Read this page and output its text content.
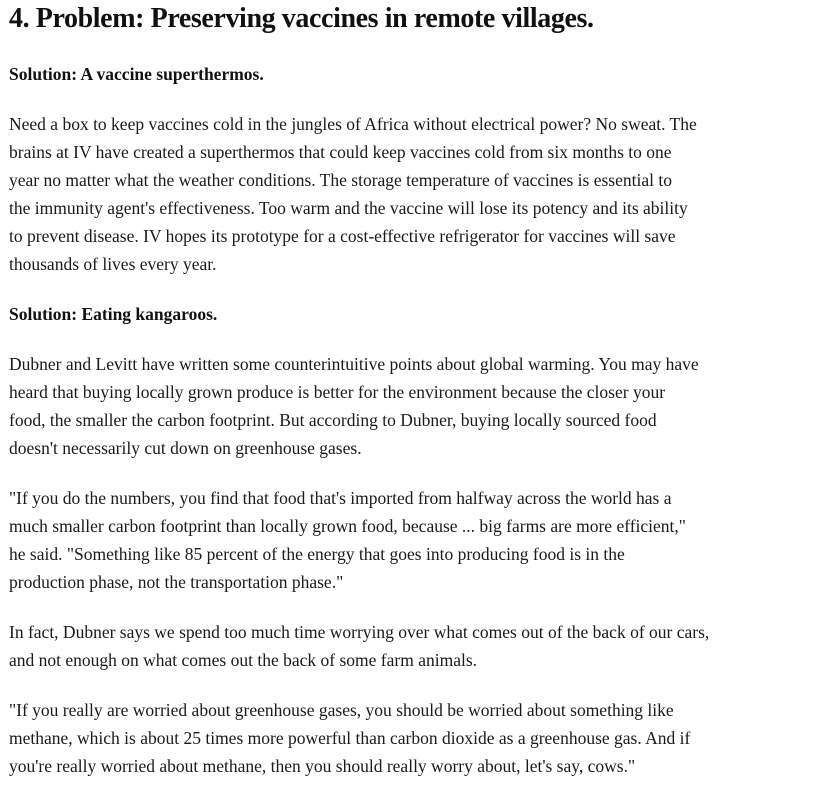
4. Problem: Preserving vaccines in remote villages.

Solution: A vaccine superthermos.

Need a box to keep vaccines cold in the jungles of Africa without electrical power? No sweat. The
brains at IV have created a superthermos that could keep vaccines cold from six months to one
year no matter what the weather conditions. The storage temperature of vaccines is essential to
the immunity agent's effectiveness. Too warm and the vaccine will lose its potency and its ability
to prevent disease. IV hopes its prototype for a cost-effective refrigerator for vaccines will save
thousands of lives every year.

Solution: Eating kangaroos.

Dubner and Levitt have written some counterintuitive points about global warming. You may have
heard that buying locally grown produce is better for the environment because the closer your
food, the smaller the carbon footprint. But according to Dubner, buying locally sourced food
doesn't necessarily cut down on greenhouse gases.

"If you do the numbers, you find that food that's imported from halfway across the world has a
much smaller carbon footprint than locally grown food, because ... big farms are more efficient,"
he said. "Something like 85 percent of the energy that goes into producing food is in the
production phase, not the transportation phase."

In fact, Dubner says we spend too much time worrying over what comes out of the back of our cars,
and not enough on what comes out the back of some farm animals.

"If you really are worried about greenhouse gases, you should be worried about something like
methane, which is about 25 times more powerful than carbon dioxide as a greenhouse gas. And if
you're really worried about methane, then you should really worry about, let's say, cows."
